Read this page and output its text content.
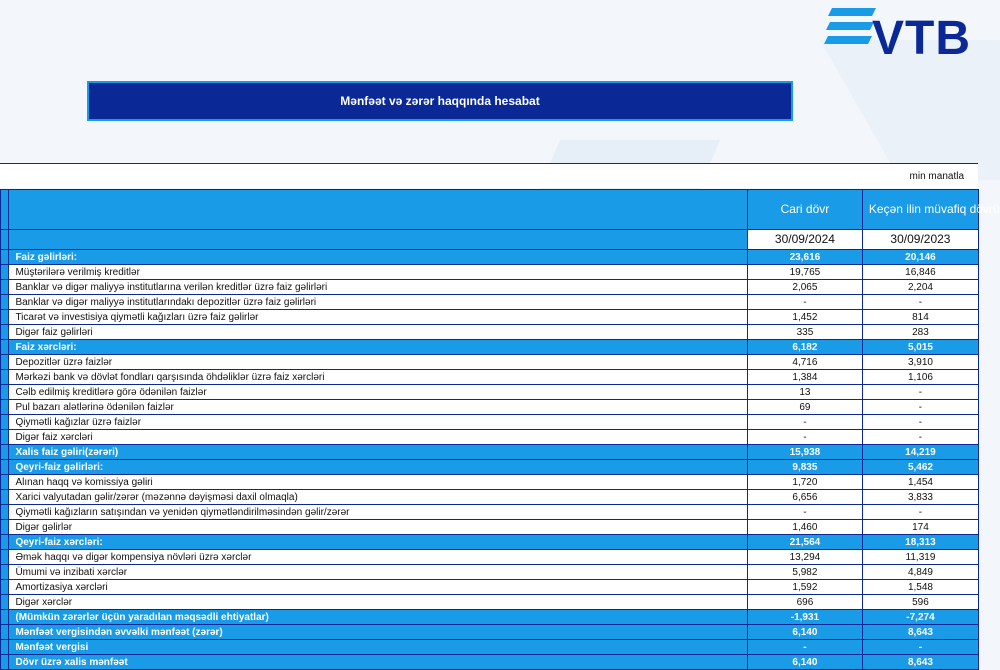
VTB
Mənfəət və zərər haqqında hesabat
min manatla
		Cari dövr	Keçən ilin müvafiq dövrü
		30/09/2024	30/09/2023
	Faiz gəlirləri:	23,616	20,146
	Müştərilərə verilmiş kreditlər	19,765	16,846
	Banklar və digər maliyyə institutlarına verilən kreditlər üzrə faiz gəlirləri	2,065	2,204
	Banklar və digər maliyyə institutlarındakı depozitlər üzrə faiz gəlirləri	-	-
	Ticarət və investisiya qiymətli kağızları üzrə faiz gəlirlər	1,452	814
	Digər faiz gəlirləri	335	283
	Faiz xərcləri:	6,182	5,015
	Depozitlər üzrə faizlər	4,716	3,910
	Mərkəzi bank və dövlət fondları qarşısında öhdəliklər üzrə faiz xərcləri	1,384	1,106
	Cəlb edilmiş kreditlərə görə ödənilən faizlər	13	-
	Pul bazarı alətlərinə ödənilən faizlər	69	-
	Qiymətli kağızlar üzrə faizlər	-	-
	Digər faiz xərcləri	-	-
	Xalis faiz gəliri(zərəri)	15,938	14,219
	Qeyri-faiz gəlirləri:	9,835	5,462
	Alınan haqq və komissiya gəliri	1,720	1,454
	Xarici valyutadan gəlir/zərər (məzənnə dəyişməsi daxil olmaqla)	6,656	3,833
	Qiymətli kağızların satışından və yenidən qiymətləndirilməsindən gəlir/zərər	-	-
	Digər gəlirlər	1,460	174
	Qeyri-faiz xərcləri:	21,564	18,313
	Əmək haqqı və digər kompensiya növləri üzrə xərclər	13,294	11,319
	Ümumi və inzibati xərclər	5,982	4,849
	Amortizasiya xərcləri	1,592	1,548
	Digər xərclər	696	596
	(Mümkün zərərlər üçün yaradılan məqsədli ehtiyatlar)	-1,931	-7,274
	Mənfəət vergisindən əvvəlki mənfəət (zərər)	6,140	8,643
	Mənfəət vergisi	-	-
	Dövr üzrə xalis mənfəət	6,140	8,643
